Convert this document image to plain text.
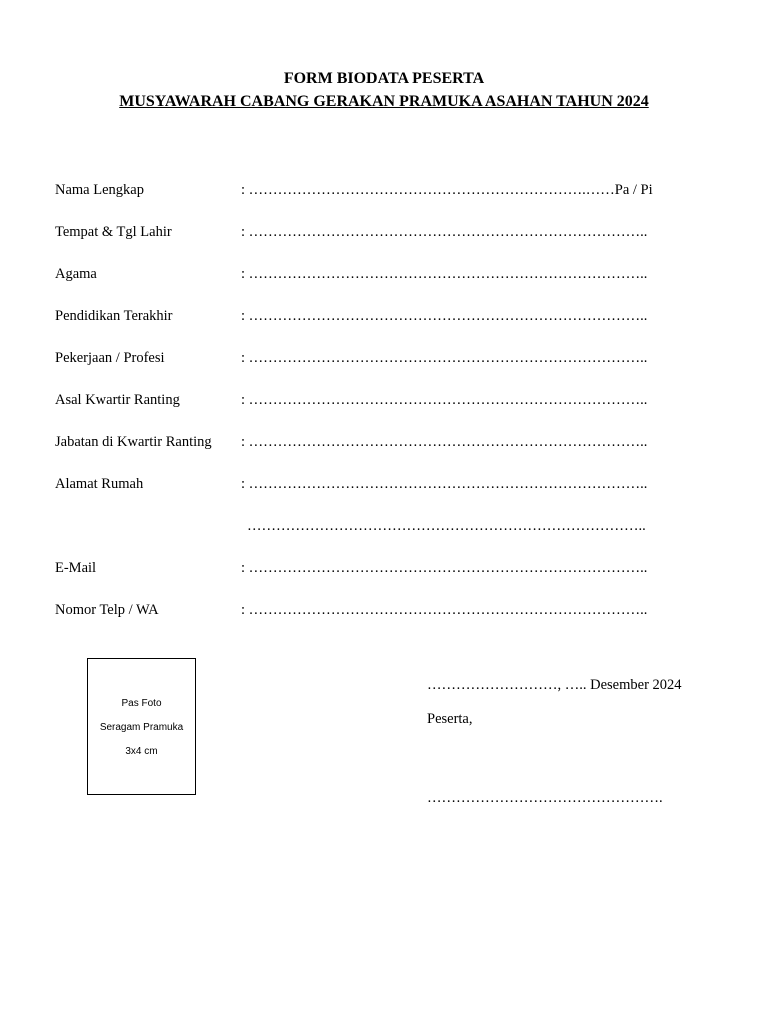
FORM BIODATA PESERTA
MUSYAWARAH CABANG GERAKAN PRAMUKA ASAHAN TAHUN 2024
Nama Lengkap	: …………………………………………………………….……Pa / Pi
Tempat & Tgl Lahir	: ………………………………………………………………………..
Agama	: ………………………………………………………………………..
Pendidikan Terakhir	: ………………………………………………………………………..
Pekerjaan / Profesi	: ………………………………………………………………………..
Asal Kwartir Ranting	: ………………………………………………………………………..
Jabatan di Kwartir Ranting : ………………………………………………………………………..
Alamat Rumah	: ………………………………………………………………………..
………………………………………………………………………..
E-Mail	: ………………………………………………………………………..
Nomor Telp / WA	: ………………………………………………………………………..
Pas Foto
Seragam Pramuka
3x4 cm
………………………, ….. Desember 2024
Peserta,
………………………………………….
